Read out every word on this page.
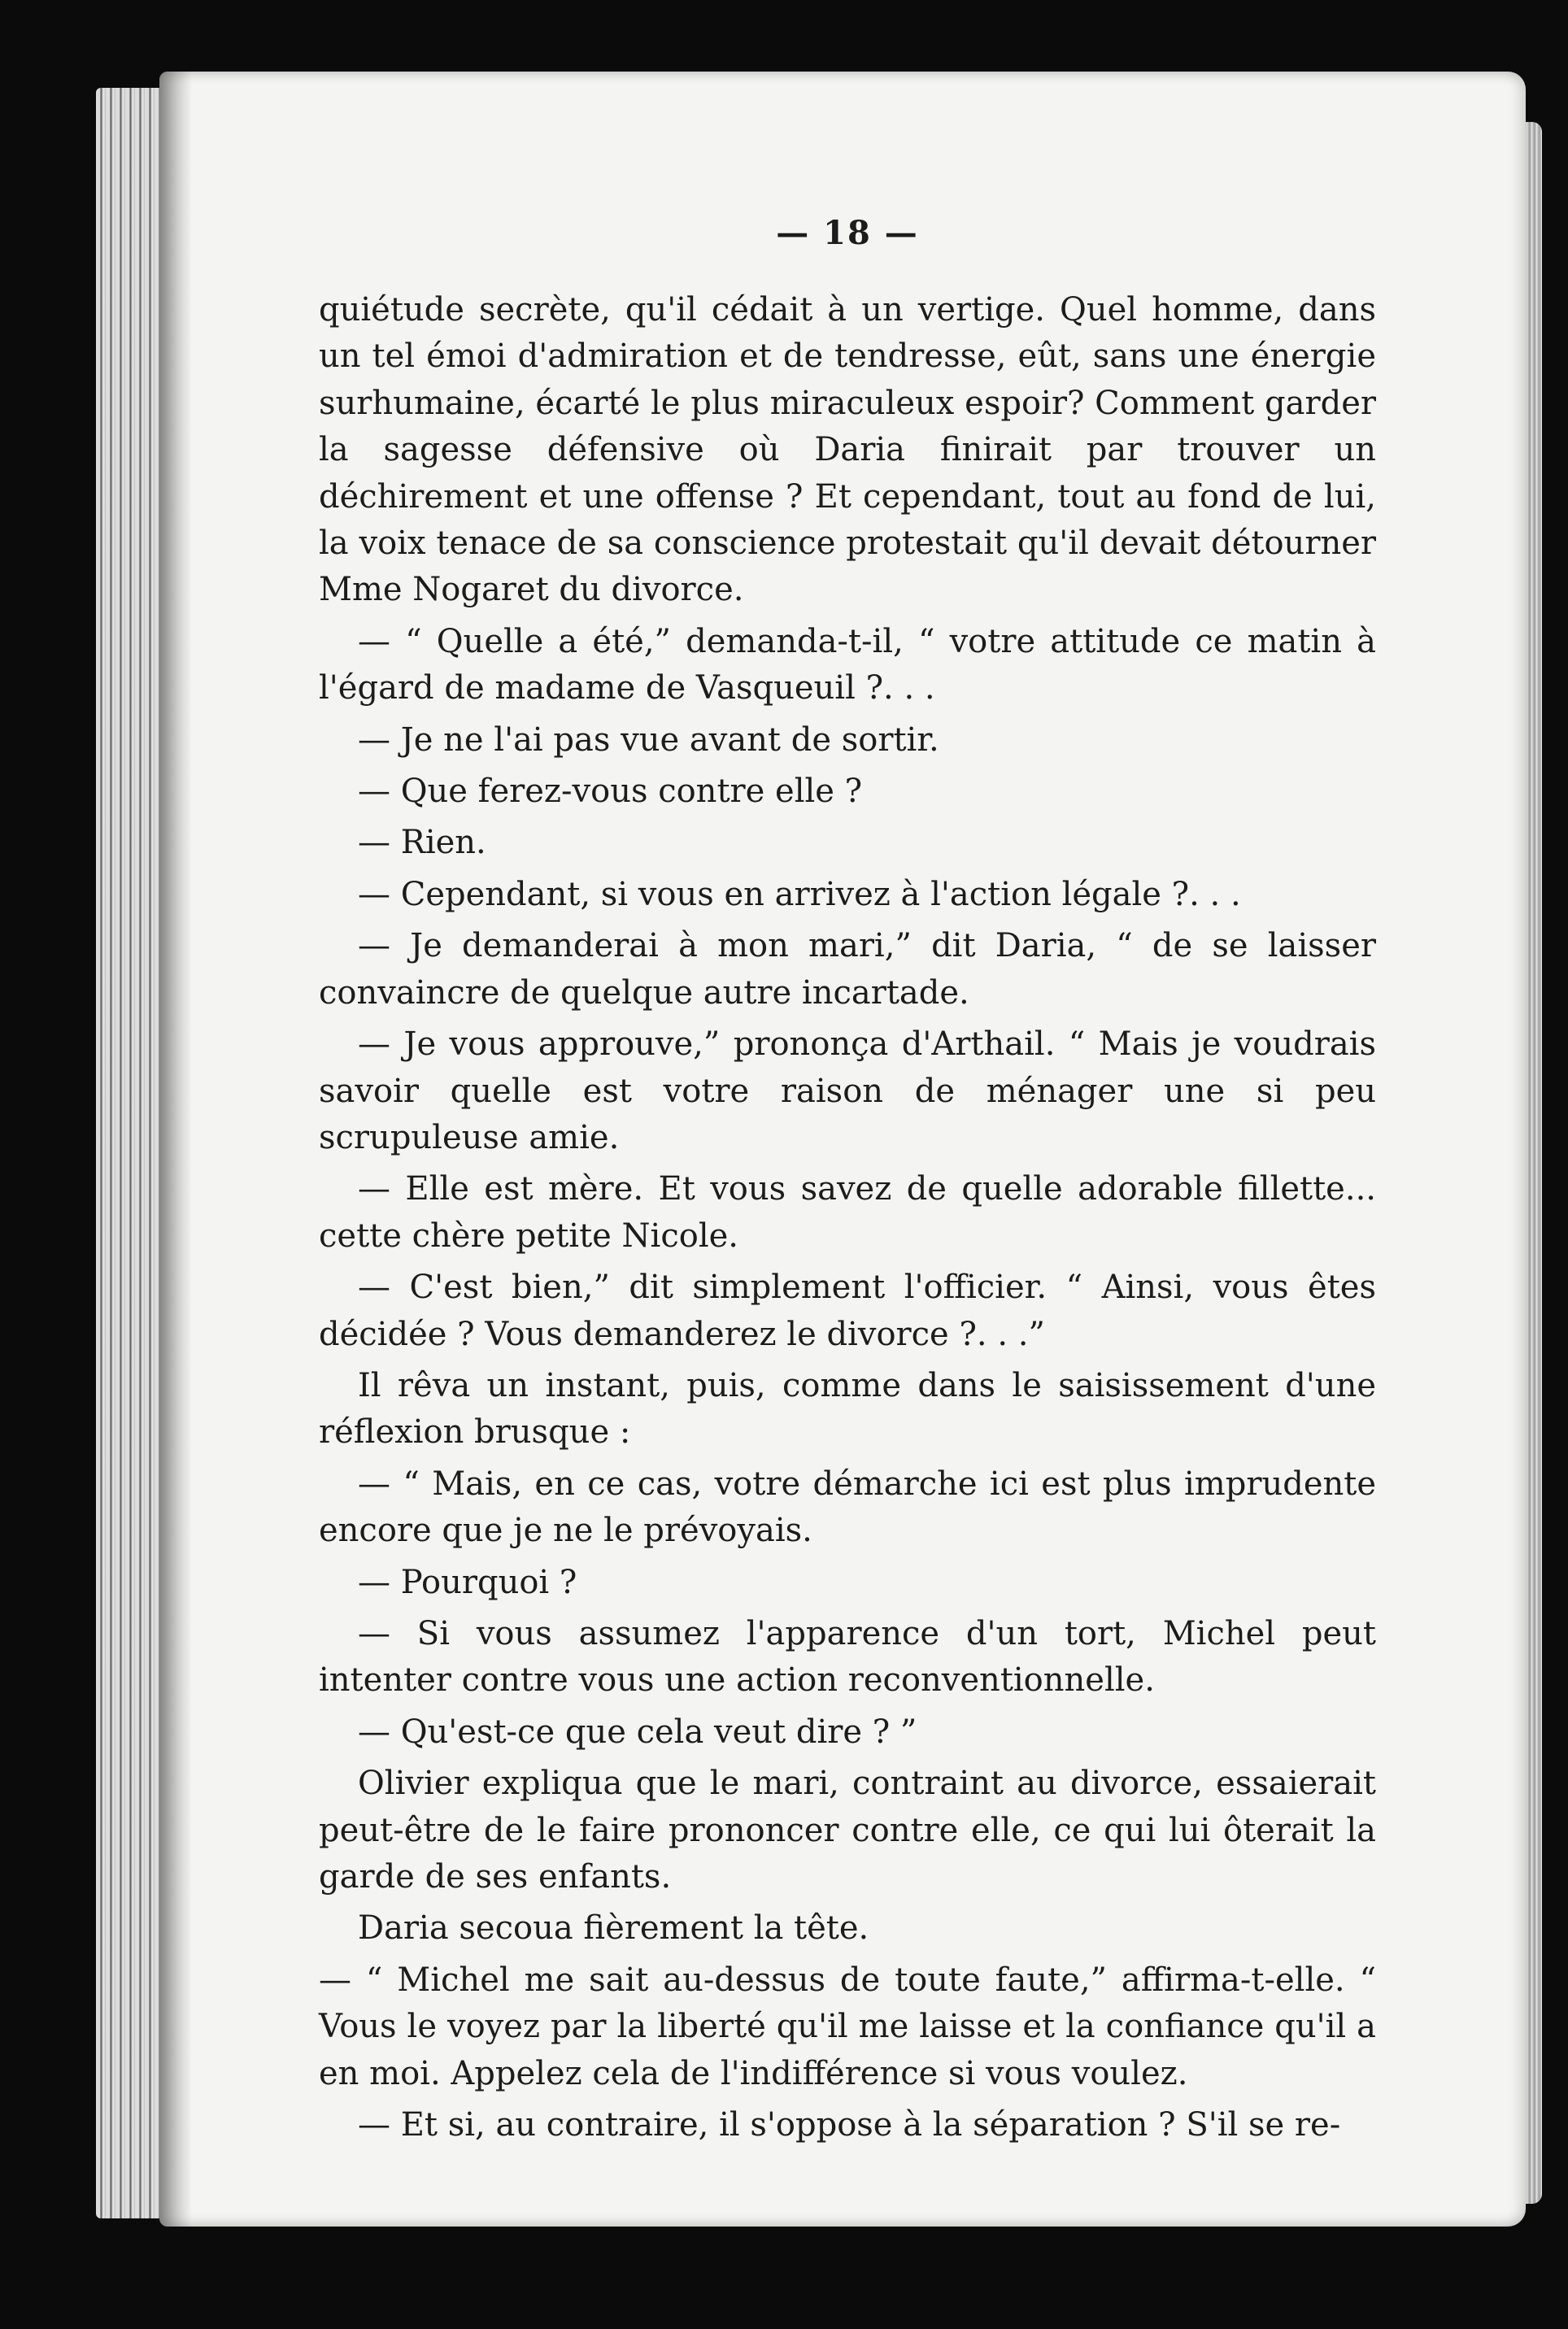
— 18 —

quiétude secrète, qu'il cédait à un vertige. Quel homme, dans un tel émoi d'admiration et de tendresse, eût, sans une énergie surhumaine, écarté le plus miraculeux espoir? Comment garder la sagesse défensive où Daria finirait par trouver un déchirement et une offense ? Et cependant, tout au fond de lui, la voix tenace de sa conscience protestait qu'il devait détourner Mme Nogaret du divorce.

— “ Quelle a été,” demanda-t-il, “ votre attitude ce matin à l'égard de madame de Vasqueuil ?. . .

— Je ne l'ai pas vue avant de sortir.

— Que ferez-vous contre elle ?

— Rien.

— Cependant, si vous en arrivez à l'action légale ?. . .

— Je demanderai à mon mari,” dit Daria, “ de se laisser convaincre de quelque autre incartade.

— Je vous approuve,” prononça d'Arthail. “ Mais je voudrais savoir quelle est votre raison de ménager une si peu scrupuleuse amie.

— Elle est mère. Et vous savez de quelle adorable fillette... cette chère petite Nicole.

— C'est bien,” dit simplement l'officier. “ Ainsi, vous êtes décidée ? Vous demanderez le divorce ?. . .”

Il rêva un instant, puis, comme dans le saisissement d'une réflexion brusque :

— “ Mais, en ce cas, votre démarche ici est plus imprudente encore que je ne le prévoyais.

— Pourquoi ?

— Si vous assumez l'apparence d'un tort, Michel peut intenter contre vous une action reconventionnelle.

— Qu'est-ce que cela veut dire ? ”

Olivier expliqua que le mari, contraint au divorce, essaierait peut-être de le faire prononcer contre elle, ce qui lui ôterait la garde de ses enfants.

Daria secoua fièrement la tête.

— “ Michel me sait au-dessus de toute faute,” affirma-t-elle. “ Vous le voyez par la liberté qu'il me laisse et la confiance qu'il a en moi. Appelez cela de l'indifférence si vous voulez.

— Et si, au contraire, il s'oppose à la séparation ? S'il se re-
